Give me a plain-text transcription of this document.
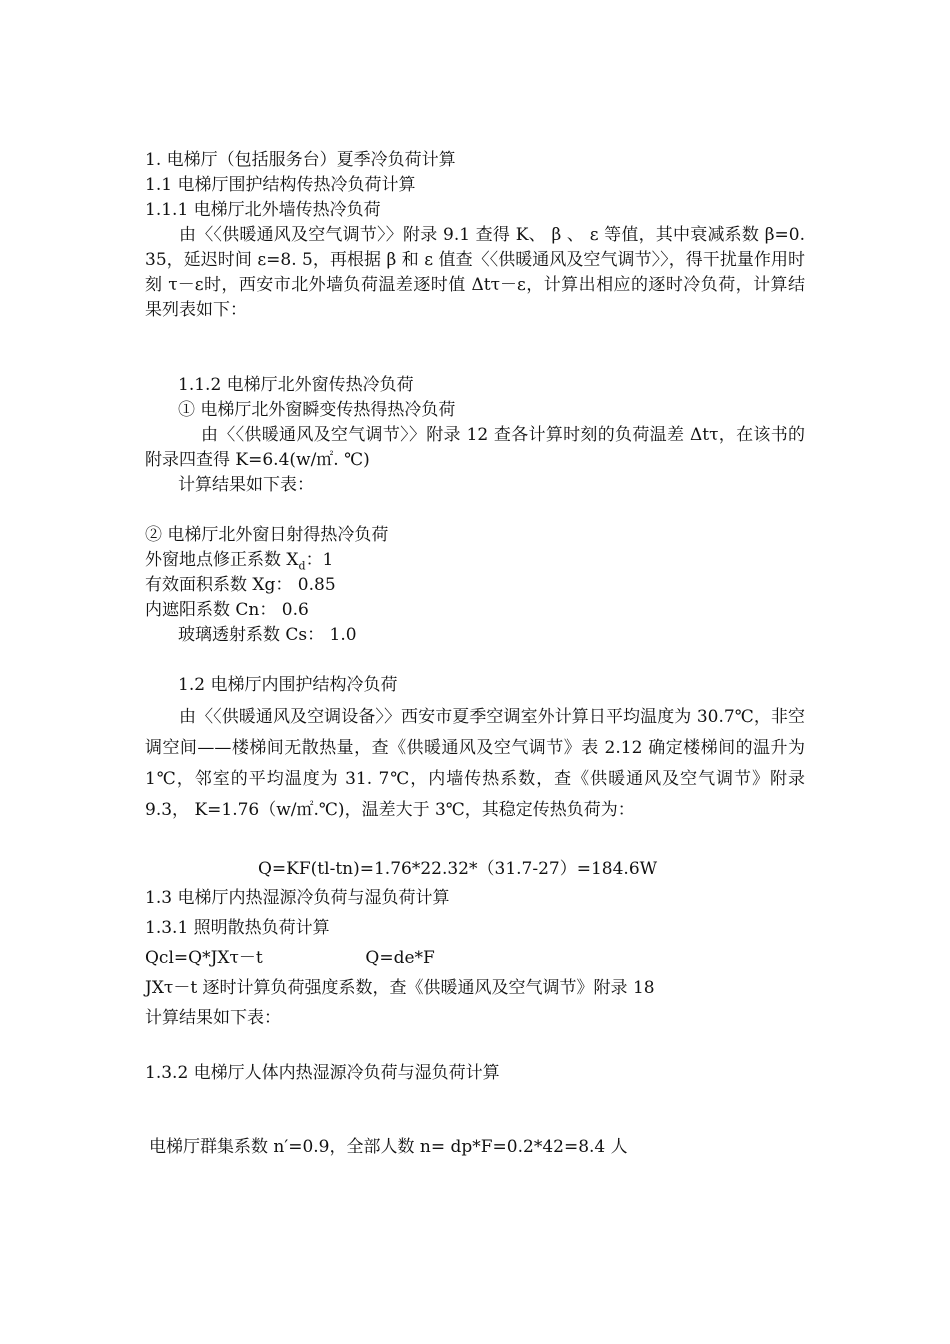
1. 电梯厅（包括服务台）夏季冷负荷计算
1.1 电梯厅围护结构传热冷负荷计算
1.1.1 电梯厅北外墙传热冷负荷
由〈〈供暖通风及空气调节〉〉附录 9.1 查得 K、 β 、 ε 等值，其中衰减系数 β=0. 35，延迟时间 ε=8. 5，再根据 β 和 ε 值查〈〈供暖通风及空气调节〉〉，得干扰量作用时刻 τ－ε时，西安市北外墙负荷温差逐时值 Δtτ－ε，计算出相应的逐时冷负荷，计算结果列表如下：
1.1.2 电梯厅北外窗传热冷负荷
① 电梯厅北外窗瞬变传热得热冷负荷
由〈〈供暖通风及空气调节〉〉附录 12 查各计算时刻的负荷温差 Δtτ，在该书的附录四查得 K=6.4(w/㎡. ℃)
计算结果如下表：
② 电梯厅北外窗日射得热冷负荷
外窗地点修正系数 $X_d$：1
有效面积系数 Xg： 0.85
内遮阳系数 Cn： 0.6
玻璃透射系数 Cs： 1.0
1.2 电梯厅内围护结构冷负荷
由〈〈供暖通风及空调设备〉〉西安市夏季空调室外计算日平均温度为 30.7℃，非空调空间——楼梯间无散热量，查《供暖通风及空气调节》表 2.12 确定楼梯间的温升为 1℃，邻室的平均温度为 31. 7℃，内墙传热系数，查《供暖通风及空气调节》附录 9.3， K=1.76（w/㎡.℃)，温差大于 3℃，其稳定传热负荷为：
Q=KF(tl-tn)=1.76*22.32*（31.7-27）=184.6W
1.3 电梯厅内热湿源冷负荷与湿负荷计算
1.3.1 照明散热负荷计算
Qcl=Q*JXτ－t                   Q=de*F
JXτ－t 逐时计算负荷强度系数，查《供暖通风及空气调节》附录 18
计算结果如下表：
1.3.2 电梯厅人体内热湿源冷负荷与湿负荷计算
电梯厅群集系数 n′=0.9，全部人数 n= dp*F=0.2*42=8.4 人
